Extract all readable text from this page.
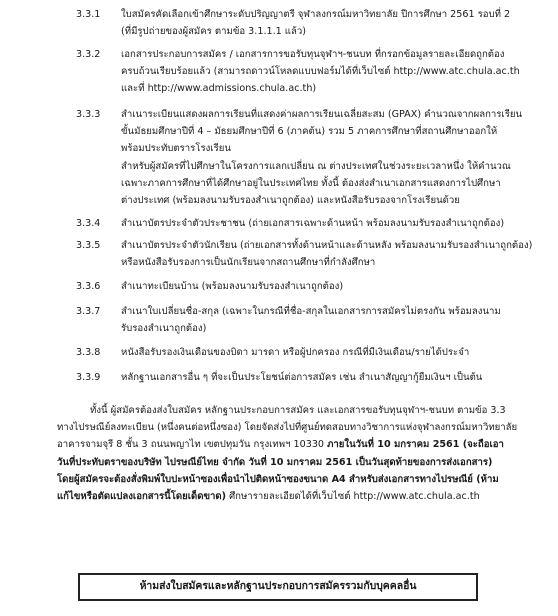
3.3.1 ใบสมัครคัดเลือกเข้าศึกษาระดับปริญญาตรี จุฬาลงกรณ์มหาวิทยาลัย ปีการศึกษา 2561 รอบที่ 2
(ที่มีรูปถ่ายของผู้สมัคร ตามข้อ 3.1.1.1 แล้ว)
3.3.2 เอกสารประกอบการสมัคร / เอกสารการขอรับทุนจุฬาฯ-ชนบท ที่กรอกข้อมูลรายละเอียดถูกต้อง
ครบถ้วนเรียบร้อยแล้ว (สามารถดาวน์โหลดแบบฟอร์มได้ที่เว็บไซต์ http://www.atc.chula.ac.th
และที่ http://www.admissions.chula.ac.th)
3.3.3 สำเนาระเบียนแสดงผลการเรียนที่แสดงค่าผลการเรียนเฉลี่ยสะสม (GPAX) คำนวณจากผลการเรียน
ขั้นมัธยมศึกษาปีที่ 4 – มัธยมศึกษาปีที่ 6 (ภาคต้น) รวม 5 ภาคการศึกษาที่สถานศึกษาออกให้
พร้อมประทับตรารโรงเรียน
สำหรับผู้สมัครที่ไปศึกษาในโครงการแลกเปลี่ยน ณ ต่างประเทศในช่วงระยะเวลาหนึ่ง ให้คำนวณ
เฉพาะภาคการศึกษาที่ได้ศึกษาอยู่ในประเทศไทย ทั้งนี้ ต้องส่งสำเนาเอกสารแสดงการไปศึกษา
ต่างประเทศ (พร้อมลงนามรับรองสำเนาถูกต้อง) และหนังสือรับรองจากโรงเรียนด้วย
3.3.4 สำเนาบัตรประจำตัวประชาชน (ถ่ายเอกสารเฉพาะด้านหน้า พร้อมลงนามรับรองสำเนาถูกต้อง)
3.3.5 สำเนาบัตรประจำตัวนักเรียน (ถ่ายเอกสารทั้งด้านหน้าและด้านหลัง พร้อมลงนามรับรองสำเนาถูกต้อง)
หรือหนังสือรับรองการเป็นนักเรียนจากสถานศึกษาที่กำลังศึกษา
3.3.6 สำเนาทะเบียนบ้าน (พร้อมลงนามรับรองสำเนาถูกต้อง)
3.3.7 สำเนาใบเปลี่ยนชื่อ-สกุล (เฉพาะในกรณีที่ชื่อ-สกุลในเอกสารการสมัครไม่ตรงกัน พร้อมลงนาม
รับรองสำเนาถูกต้อง)
3.3.8 หนังสือรับรองเงินเดือนของบิดา มารดา หรือผู้ปกครอง กรณีที่มีเงินเดือน/รายได้ประจำ
3.3.9 หลักฐานเอกสารอื่น ๆ ที่จะเป็นประโยชน์ต่อการสมัคร เช่น สำเนาสัญญากู้ยืมเงินฯ เป็นต้น
ทั้งนี้ ผู้สมัครต้องส่งใบสมัคร หลักฐานประกอบการสมัคร และเอกสารขอรับทุนจุฬาฯ-ชนบท ตามข้อ 3.3
ทางไปรษณีย์ลงทะเบียน (หนึ่งคนต่อหนึ่งซอง) โดยจัดส่งไปที่ศูนย์ทดสอบทางวิชาการแห่งจุฬาลงกรณ์มหาวิทยาลัย
อาคารจามจุรี 8 ชั้น 3 ถนนพญาไท เขตปทุมวัน กรุงเทพฯ 10330 ภายในวันที่ 10 มกราคม 2561 (จะถือเอา
วันที่ประทับตราของบริษัท ไปรษณีย์ไทย จำกัด วันที่ 10 มกราคม 2561 เป็นวันสุดท้ายของการส่งเอกสาร)
โดยผู้สมัครจะต้องสั่งพิมพ์ใบปะหน้าซองเพื่อนำไปติดหน้าซองขนาด A4 สำหรับส่งเอกสารทางไปรษณีย์ (ห้าม
แก้ไขหรือตัดแปลงเอกสารนี้โดยเด็ดขาด) ศึกษารายละเอียดได้ที่เว็บไซต์ http://www.atc.chula.ac.th
ห้ามส่งใบสมัครและหลักฐานประกอบการสมัครรวมกับบุคคลอื่น
